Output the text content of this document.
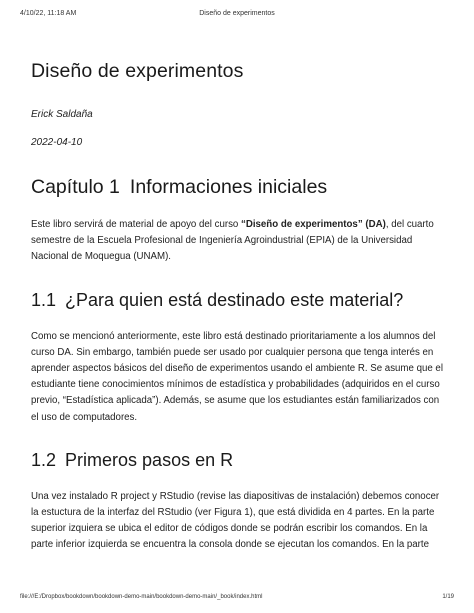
4/10/22, 11:18 AM	Diseño de experimentos
Diseño de experimentos

Erick Saldaña

2022-04-10

Capítulo 1 Informaciones iniciales

Este libro servirá de material de apoyo del curso “Diseño de experimentos” (DA), del cuarto semestre de la Escuela Profesional de Ingeniería Agroindustrial (EPIA) de la Universidad Nacional de Moquegua (UNAM).

1.1 ¿Para quien está destinado este material?

Como se mencionó anteriormente, este libro está destinado prioritariamente a los alumnos del curso DA. Sin embargo, también puede ser usado por cualquier persona que tenga interés en aprender aspectos básicos del diseño de experimentos usando el ambiente R. Se asume que el estudiante tiene conocimientos mínimos de estadística y probabilidades (adquiridos en el curso previo, “Estadística aplicada”). Además, se asume que los estudiantes están familiarizados con el uso de computadores.

1.2 Primeros pasos en R

Una vez instalado R project y RStudio (revise las diapositivas de instalación) debemos conocer la estuctura de la interfaz del RStudio (ver Figura 1), que está dividida en 4 partes. En la parte superior izquiera se ubica el editor de códigos donde se podrán escribir los comandos. En la parte inferior izquierda se encuentra la consola donde se ejecutan los comandos. En la parte

file:///E:/Dropbox/bookdown/bookdown-demo-main/bookdown-demo-main/_book/index.html	1/19
